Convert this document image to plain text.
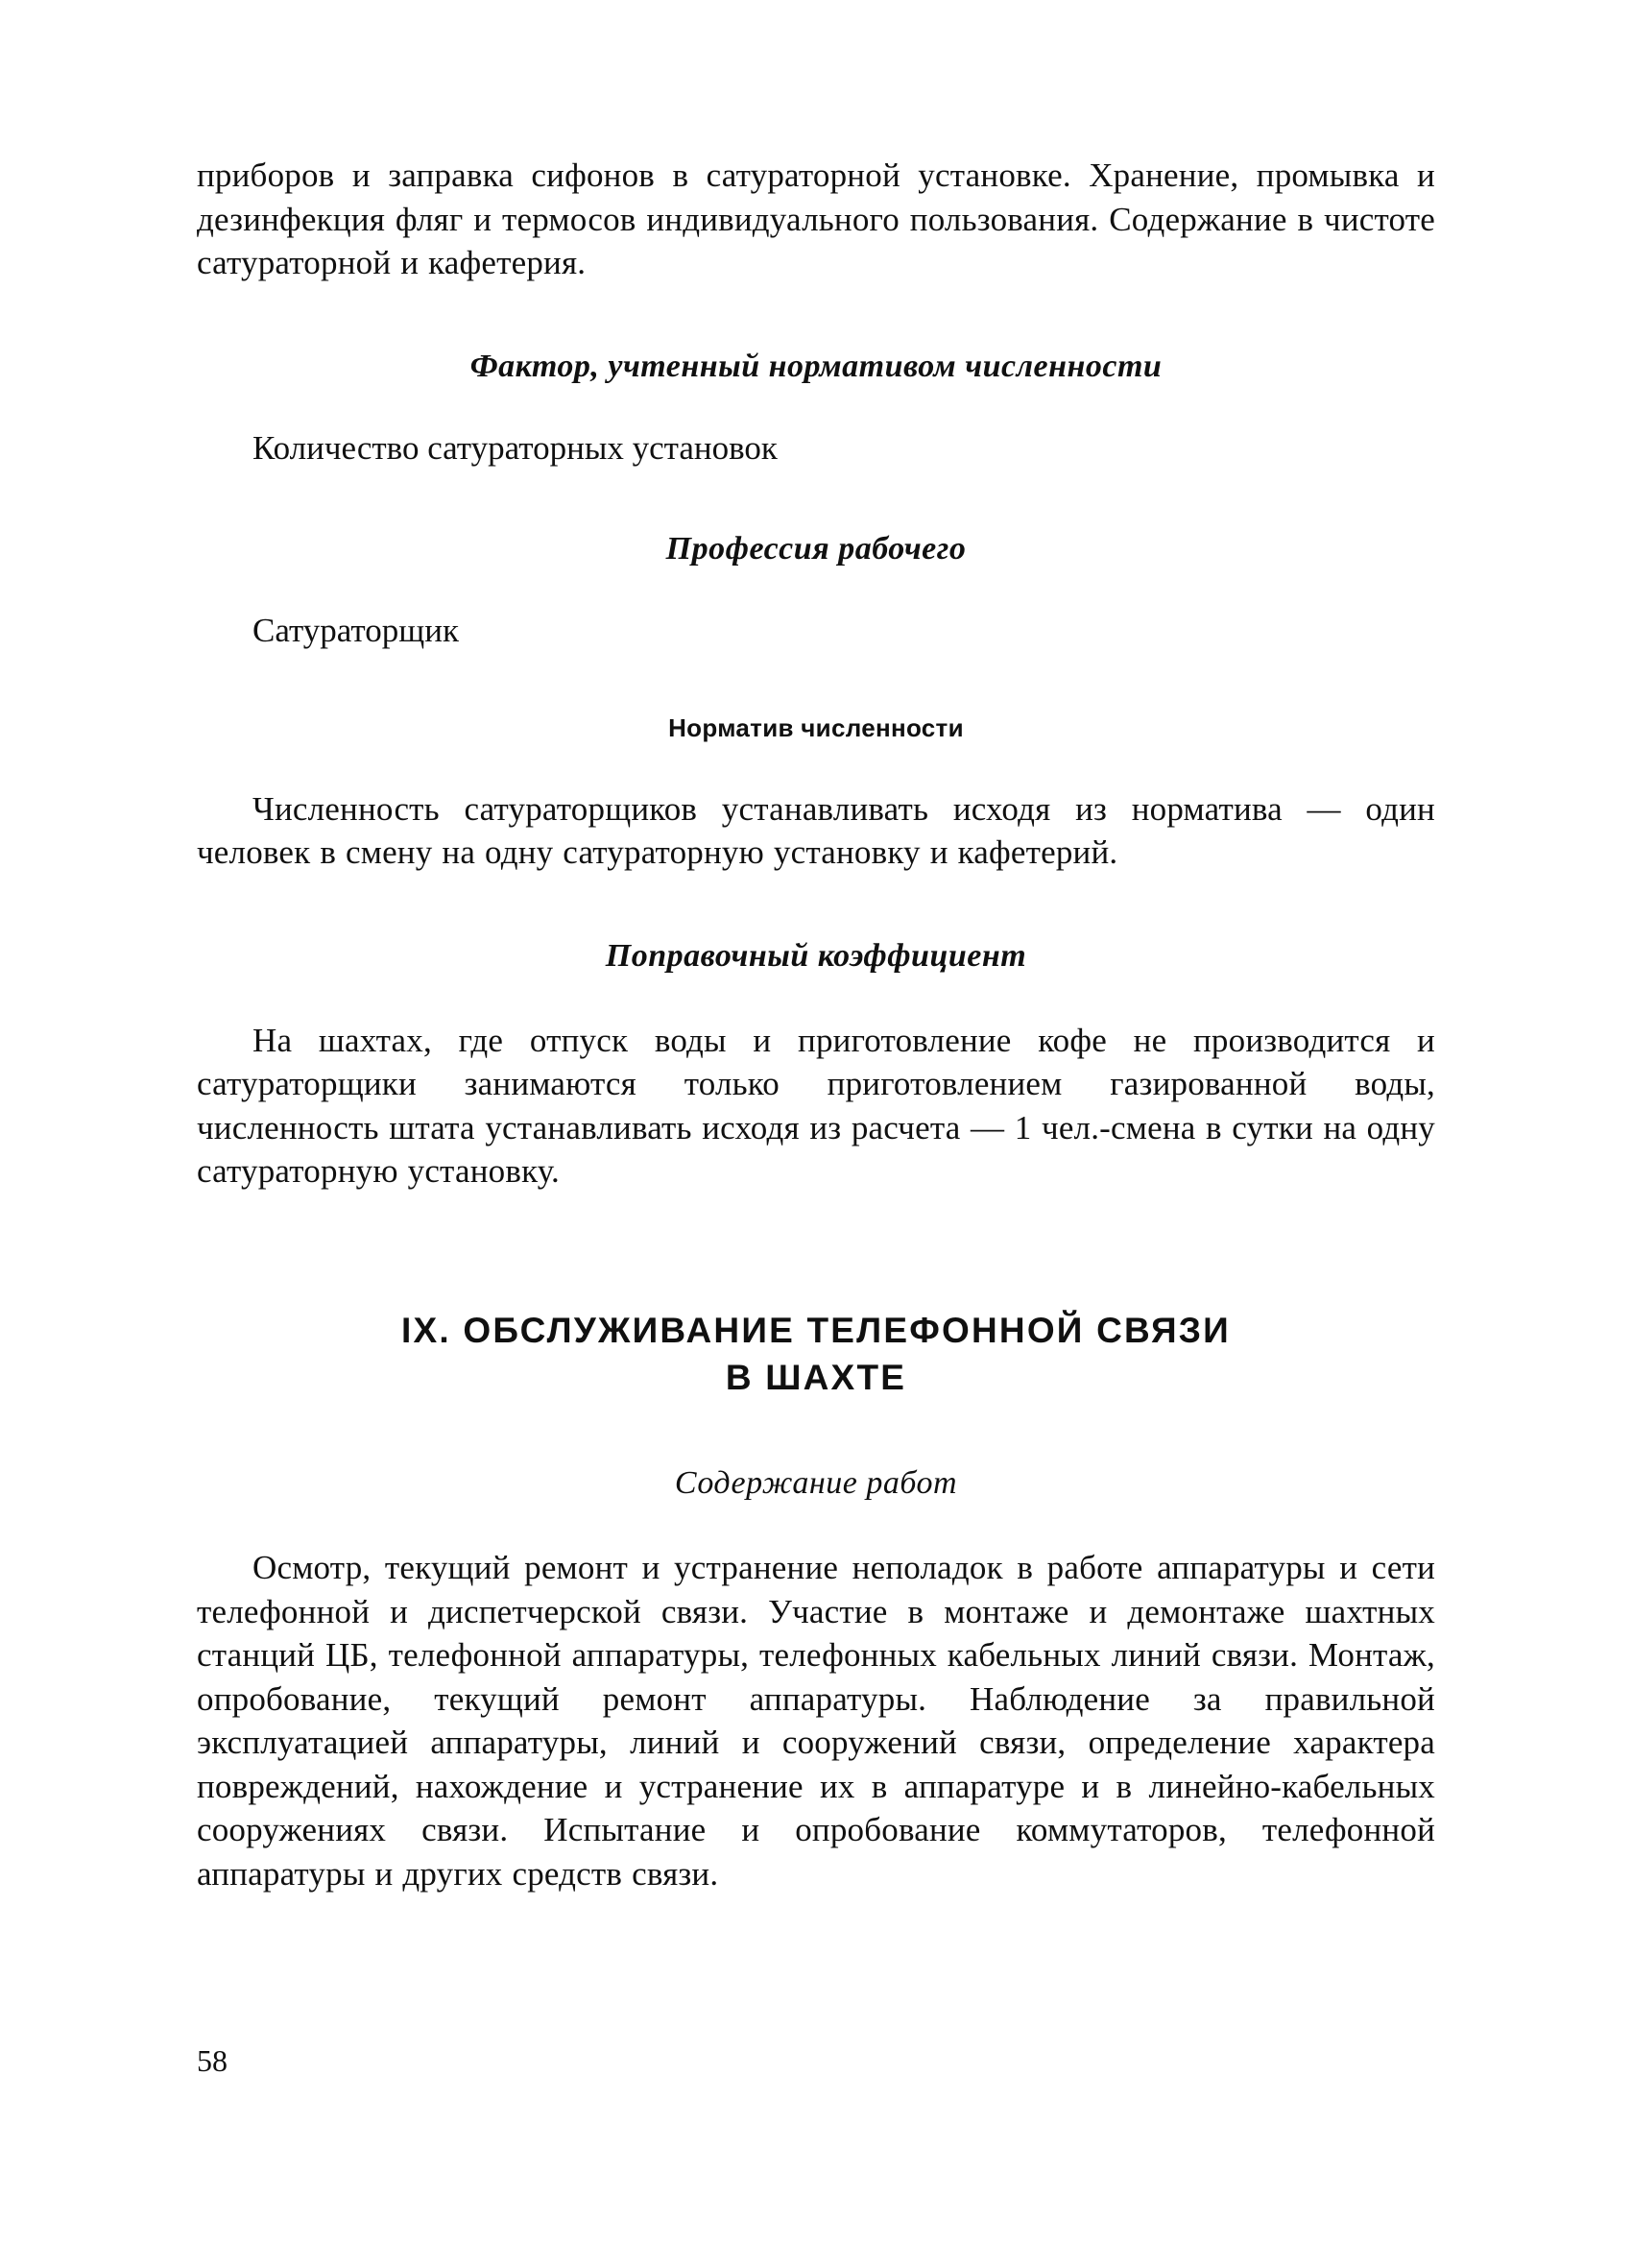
приборов и заправка сифонов в сатураторной установке. Хранение, промывка и дезинфекция фляг и термосов индивидуального пользования. Содержание в чистоте сатураторной и кафетерия.

Фактор, учтенный нормативом численности

Количество сатураторных установок

Профессия рабочего

Сатураторщик

Норматив численности

Численность сатураторщиков устанавливать исходя из норматива — один человек в смену на одну сатураторную установку и кафетерий.

Поправочный коэффициент

На шахтах, где отпуск воды и приготовление кофе не производится и сатураторщики занимаются только приготовлением газированной воды, численность штата устанавливать исходя из расчета — 1 чел.-смена в сутки на одну сатураторную установку.

IX. ОБСЛУЖИВАНИЕ ТЕЛЕФОННОЙ СВЯЗИ

В ШАХТЕ

Содержание работ

Осмотр, текущий ремонт и устранение неполадок в работе аппаратуры и сети телефонной и диспетчерской связи. Участие в монтаже и демонтаже шахтных станций ЦБ, телефонной аппаратуры, телефонных кабельных линий связи. Монтаж, опробование, текущий ремонт аппаратуры. Наблюдение за правильной эксплуатацией аппаратуры, линий и сооружений связи, определение характера повреждений, нахождение и устранение их в аппаратуре и в линейно-кабельных сооружениях связи. Испытание и опробование коммутаторов, телефонной аппаратуры и других средств связи.

58
